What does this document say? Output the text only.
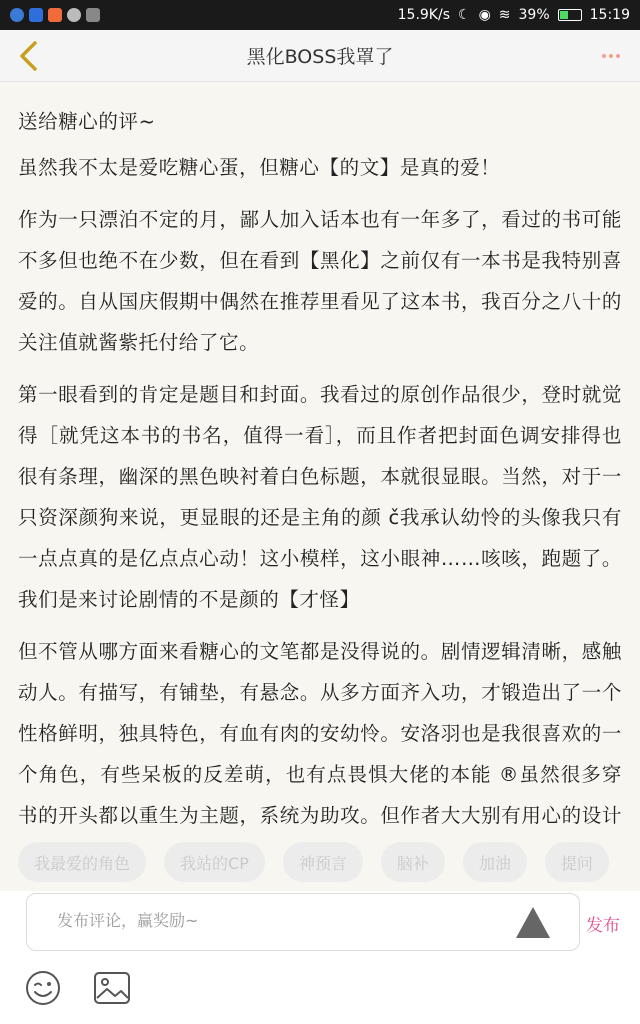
15.9K/s ☾ ◉ ≋ 39%	15:19
黑化BOSS我罩了

送给糖心的评~

虽然我不太是爱吃糖心蛋，但糖心【的文】是真的爱！

作为一只漂泊不定的月，鄙人加入话本也有一年多了，看过的书可能不多但也绝不在少数，但在看到【黑化】之前仅有一本书是我特别喜爱的。自从国庆假期中偶然在推荐里看见了这本书，我百分之八十的关注值就酱紫托付给了它。

第一眼看到的肯定是题目和封面。我看过的原创作品很少，登时就觉得［就凭这本书的书名，值得一看］，而且作者把封面色调安排得也很有条理，幽深的黑色映衬着白色标题，本就很显眼。当然，对于一只资深颜狗来说，更显眼的还是主角的颜 č我承认幼怜的头像我只有一点点真的是亿点点心动！这小模样，这小眼神……咳咳，跑题了。我们是来讨论剧情的不是颜的【才怪】

但不管从哪方面来看糖心的文笔都是没得说的。剧情逻辑清晰，感触动人。有描写，有铺垫，有悬念。从多方面齐入功，才锻造出了一个性格鲜明，独具特色，有血有肉的安幼怜。安洛羽也是我很喜欢的一个角色，有些呆板的反差萌，也有点畏惧大佬的本能 ®虽然很多穿书的开头都以重生为主题，系统为助攻。但作者大大别有用心的设计

我最爱的角色	我站的CP	神预言	脑补	加油	提问
发布评论，赢奖励~	发布
